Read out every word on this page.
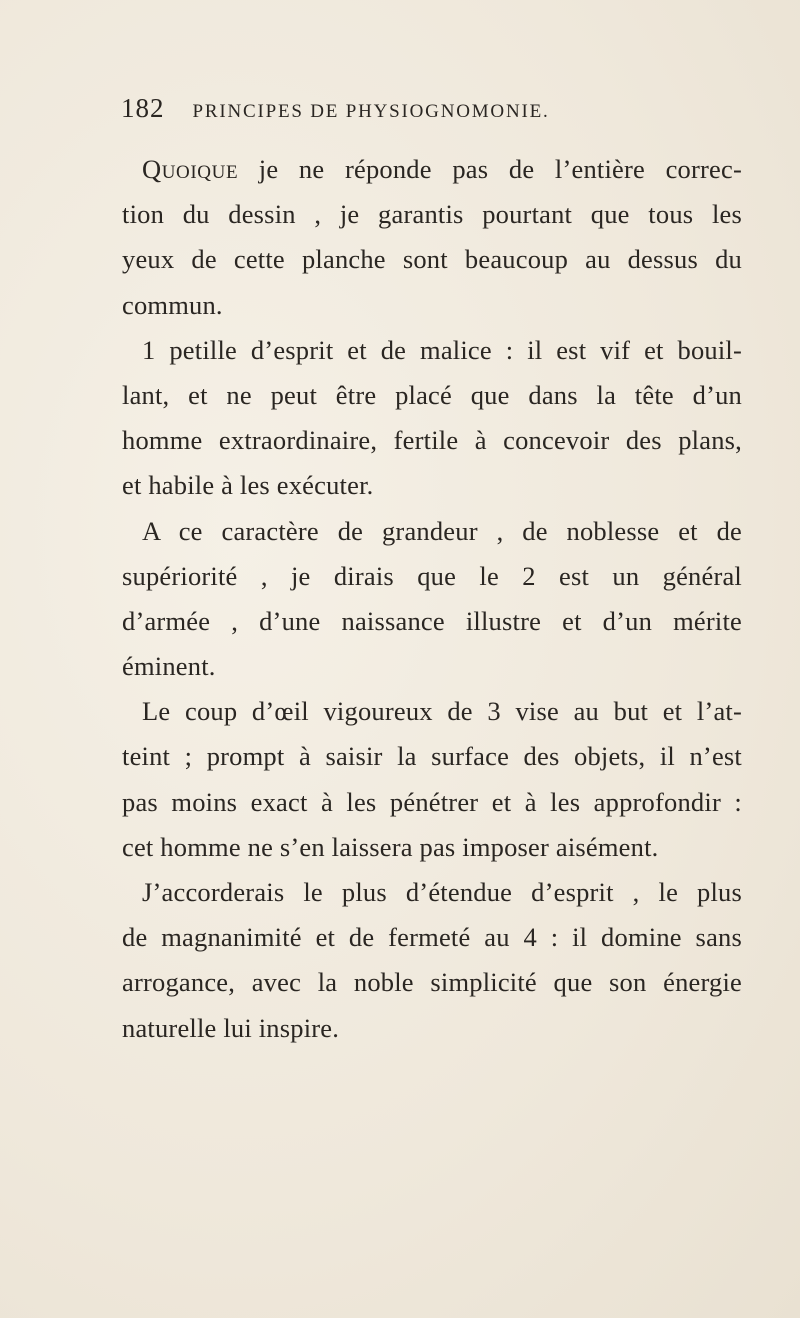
182 PRINCIPES DE PHYSIOGNOMONIE.
Quoique je ne réponde pas de l’entière correc-
tion du dessin , je garantis pourtant que tous les
yeux de cette planche sont beaucoup au dessus du
commun.
1 petille d’esprit et de malice : il est vif et bouil-
lant, et ne peut être placé que dans la tête d’un
homme extraordinaire, fertile à concevoir des plans,
et habile à les exécuter.
A ce caractère de grandeur , de noblesse et de
supériorité , je dirais que le 2 est un général
d’armée , d’une naissance illustre et d’un mérite
éminent.
Le coup d’œil vigoureux de 3 vise au but et l’at-
teint ; prompt à saisir la surface des objets, il n’est
pas moins exact à les pénétrer et à les approfondir :
cet homme ne s’en laissera pas imposer aisément.
J’accorderais le plus d’étendue d’esprit , le plus
de magnanimité et de fermeté au 4 : il domine sans
arrogance, avec la noble simplicité que son énergie
naturelle lui inspire.
